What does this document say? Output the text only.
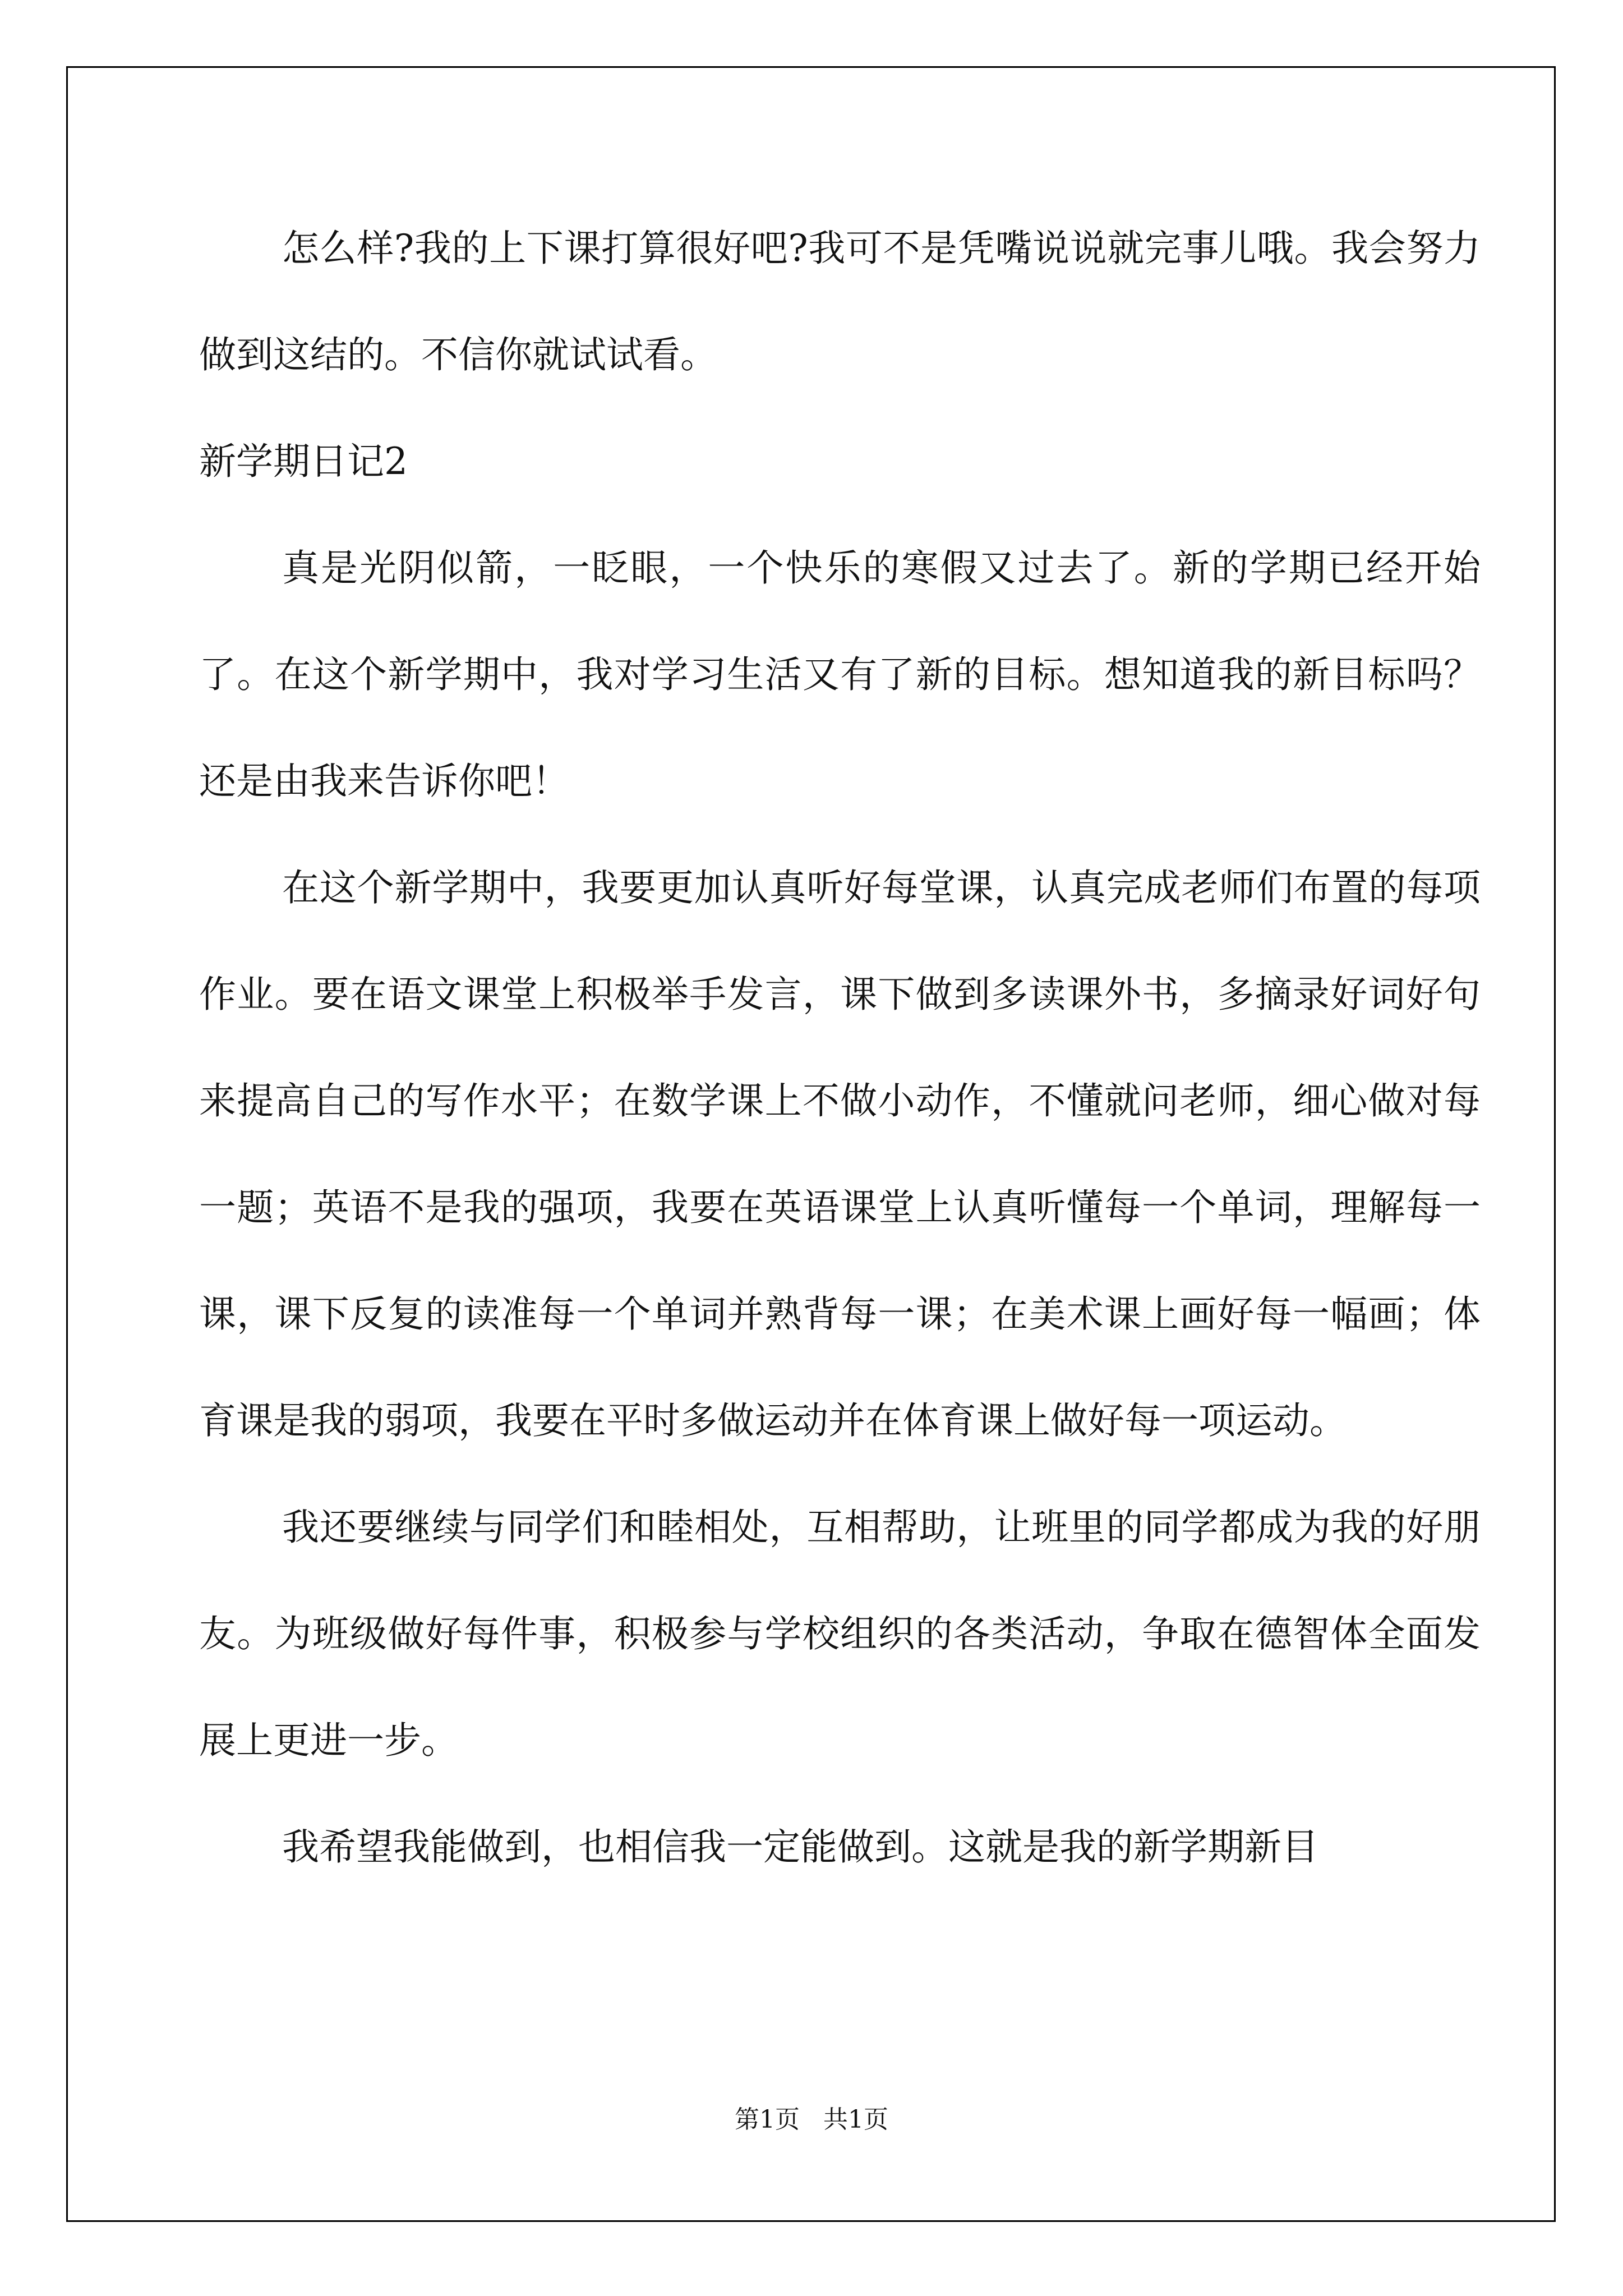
怎么样?我的上下课打算很好吧?我可不是凭嘴说说就完事儿哦。我会努力做到这结的。不信你就试试看。

新学期日记2

真是光阴似箭，一眨眼，一个快乐的寒假又过去了。新的学期已经开始了。在这个新学期中，我对学习生活又有了新的目标。想知道我的新目标吗？还是由我来告诉你吧！

在这个新学期中，我要更加认真听好每堂课，认真完成老师们布置的每项作业。要在语文课堂上积极举手发言，课下做到多读课外书，多摘录好词好句来提高自己的写作水平；在数学课上不做小动作，不懂就问老师，细心做对每一题；英语不是我的强项，我要在英语课堂上认真听懂每一个单词，理解每一课，课下反复的读准每一个单词并熟背每一课；在美术课上画好每一幅画；体育课是我的弱项，我要在平时多做运动并在体育课上做好每一项运动。

我还要继续与同学们和睦相处，互相帮助，让班里的同学都成为我的好朋友。为班级做好每件事，积极参与学校组织的各类活动，争取在德智体全面发展上更进一步。

我希望我能做到，也相信我一定能做到。这就是我的新学期新目

第1页   共1页
